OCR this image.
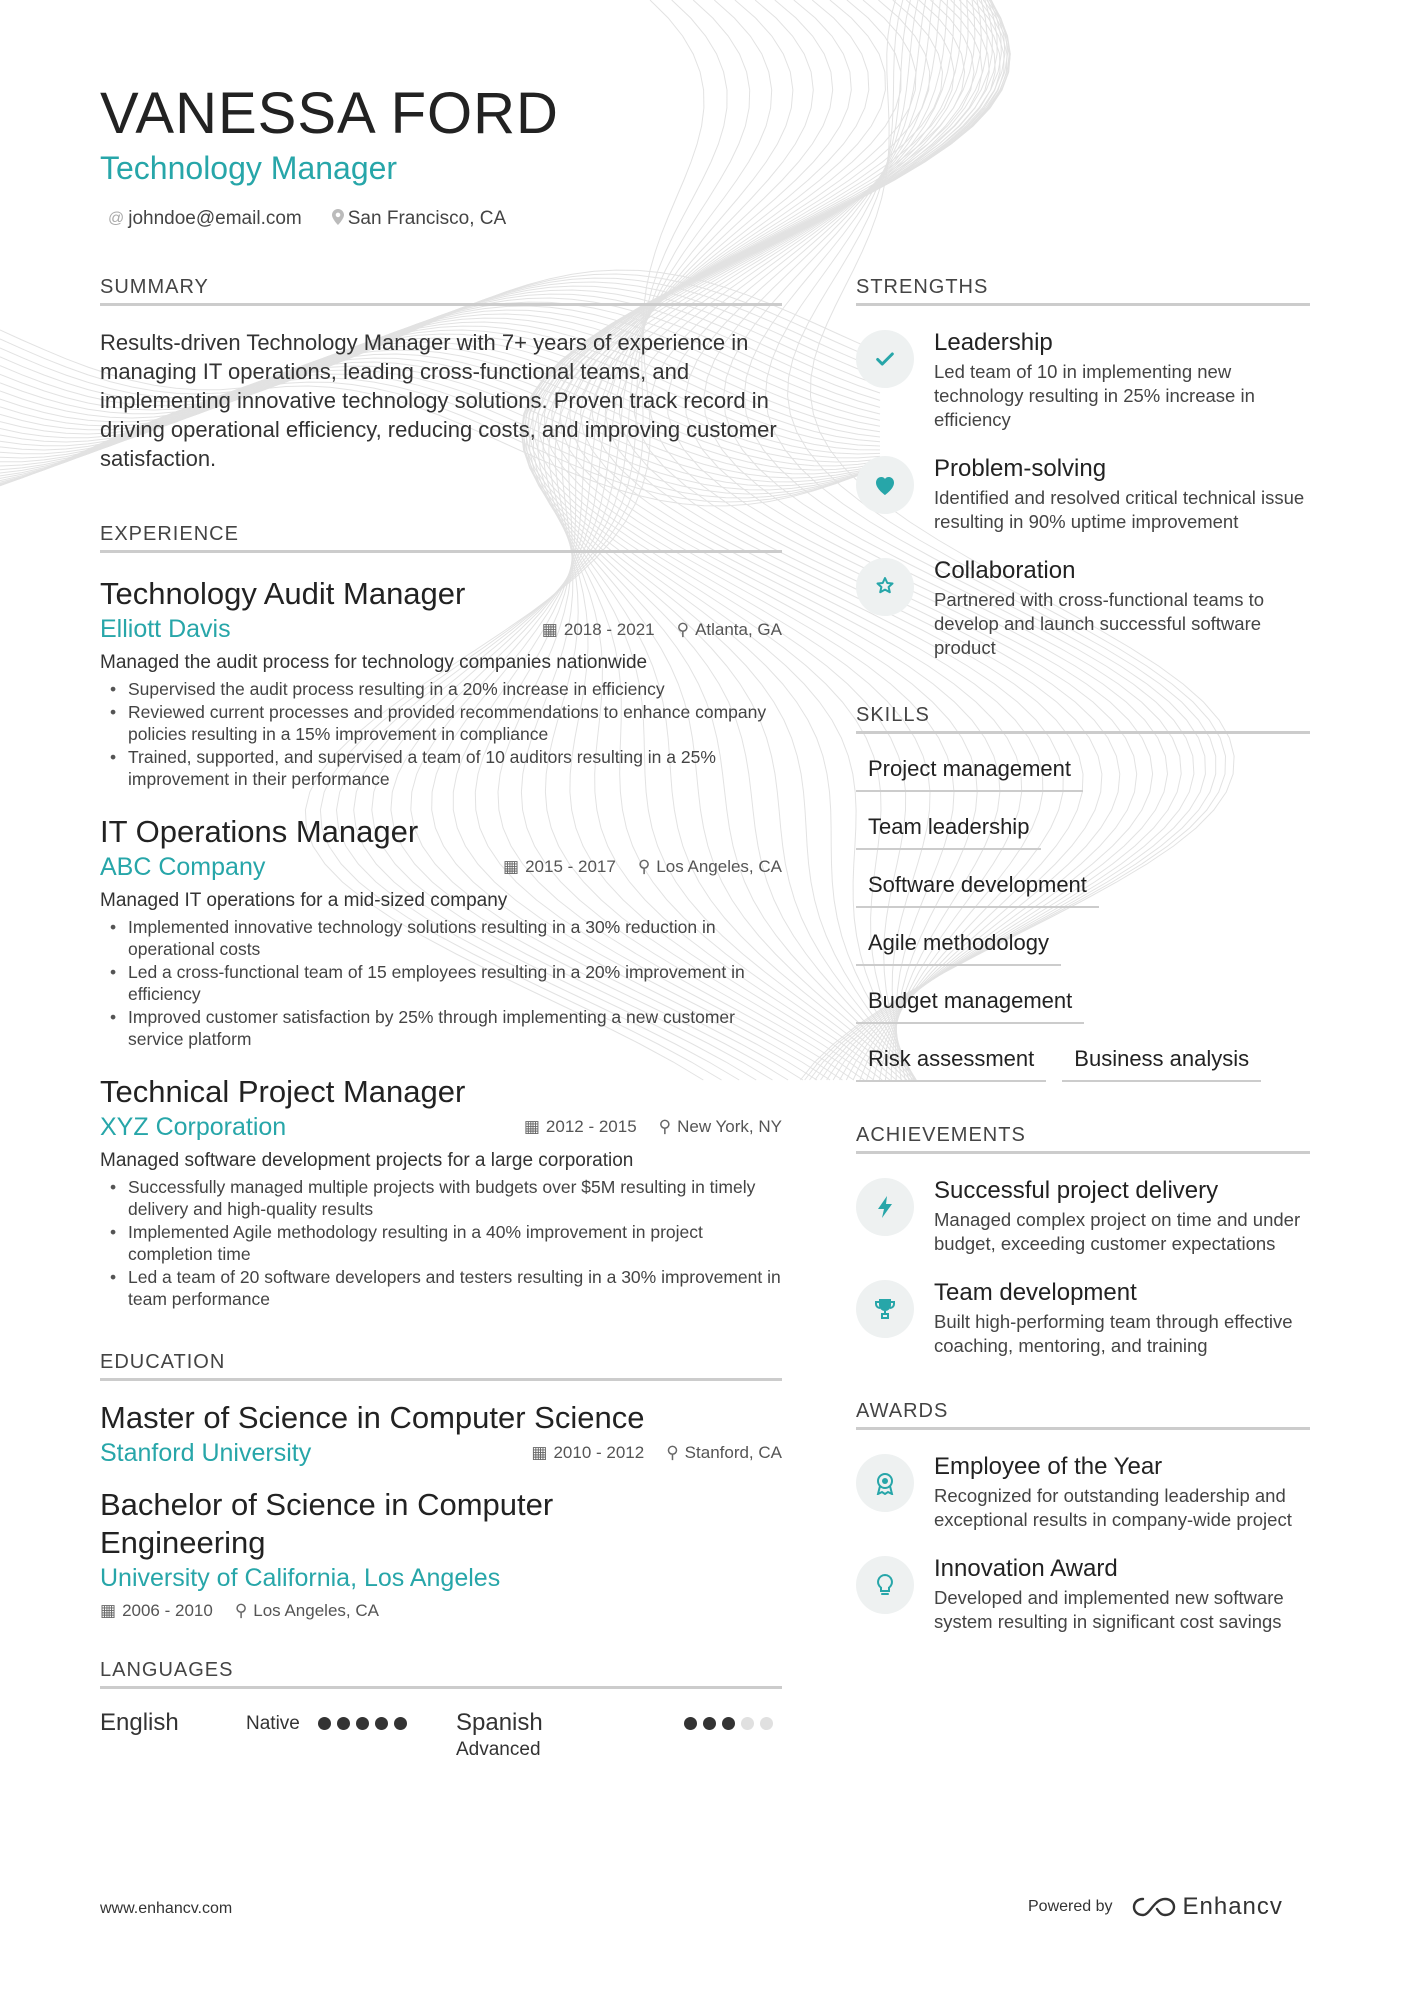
VANESSA FORD
Technology Manager
@ johndoe@email.com San Francisco, CA
SUMMARY
Results-driven Technology Manager with 7+ years of experience in managing IT operations, leading cross-functional teams, and implementing innovative technology solutions. Proven track record in driving operational efficiency, reducing costs, and improving customer satisfaction.
EXPERIENCE
Technology Audit Manager
Elliott Davis	▦ 2018 - 2021 ⚲ Atlanta, GA
Managed the audit process for technology companies nationwide
• Supervised the audit process resulting in a 20% increase in efficiency
• Reviewed current processes and provided recommendations to enhance company policies resulting in a 15% improvement in compliance
• Trained, supported, and supervised a team of 10 auditors resulting in a 25% improvement in their performance
IT Operations Manager
ABC Company	▦ 2015 - 2017 ⚲ Los Angeles, CA
Managed IT operations for a mid-sized company
• Implemented innovative technology solutions resulting in a 30% reduction in operational costs
• Led a cross-functional team of 15 employees resulting in a 20% improvement in efficiency
• Improved customer satisfaction by 25% through implementing a new customer service platform
Technical Project Manager
XYZ Corporation	▦ 2012 - 2015 ⚲ New York, NY
Managed software development projects for a large corporation
• Successfully managed multiple projects with budgets over $5M resulting in timely delivery and high-quality results
• Implemented Agile methodology resulting in a 40% improvement in project completion time
• Led a team of 20 software developers and testers resulting in a 30% improvement in team performance
EDUCATION
Master of Science in Computer Science
Stanford University	▦ 2010 - 2012 ⚲ Stanford, CA
Bachelor of Science in Computer Engineering
University of California, Los Angeles
▦ 2006 - 2010 ⚲ Los Angeles, CA
LANGUAGES
English	Native	Spanish
Advanced
STRENGTHS
Leadership
Led team of 10 in implementing new technology resulting in 25% increase in efficiency
Problem-solving
Identified and resolved critical technical issue resulting in 90% uptime improvement
Collaboration
Partnered with cross-functional teams to develop and launch successful software product
SKILLS
Project management
Team leadership
Software development
Agile methodology
Budget management
Risk assessment	Business analysis
ACHIEVEMENTS
Successful project delivery
Managed complex project on time and under budget, exceeding customer expectations
Team development
Built high-performing team through effective coaching, mentoring, and training
AWARDS
Employee of the Year
Recognized for outstanding leadership and exceptional results in company-wide project
Innovation Award
Developed and implemented new software system resulting in significant cost savings
www.enhancv.com	Powered by	Enhancv
